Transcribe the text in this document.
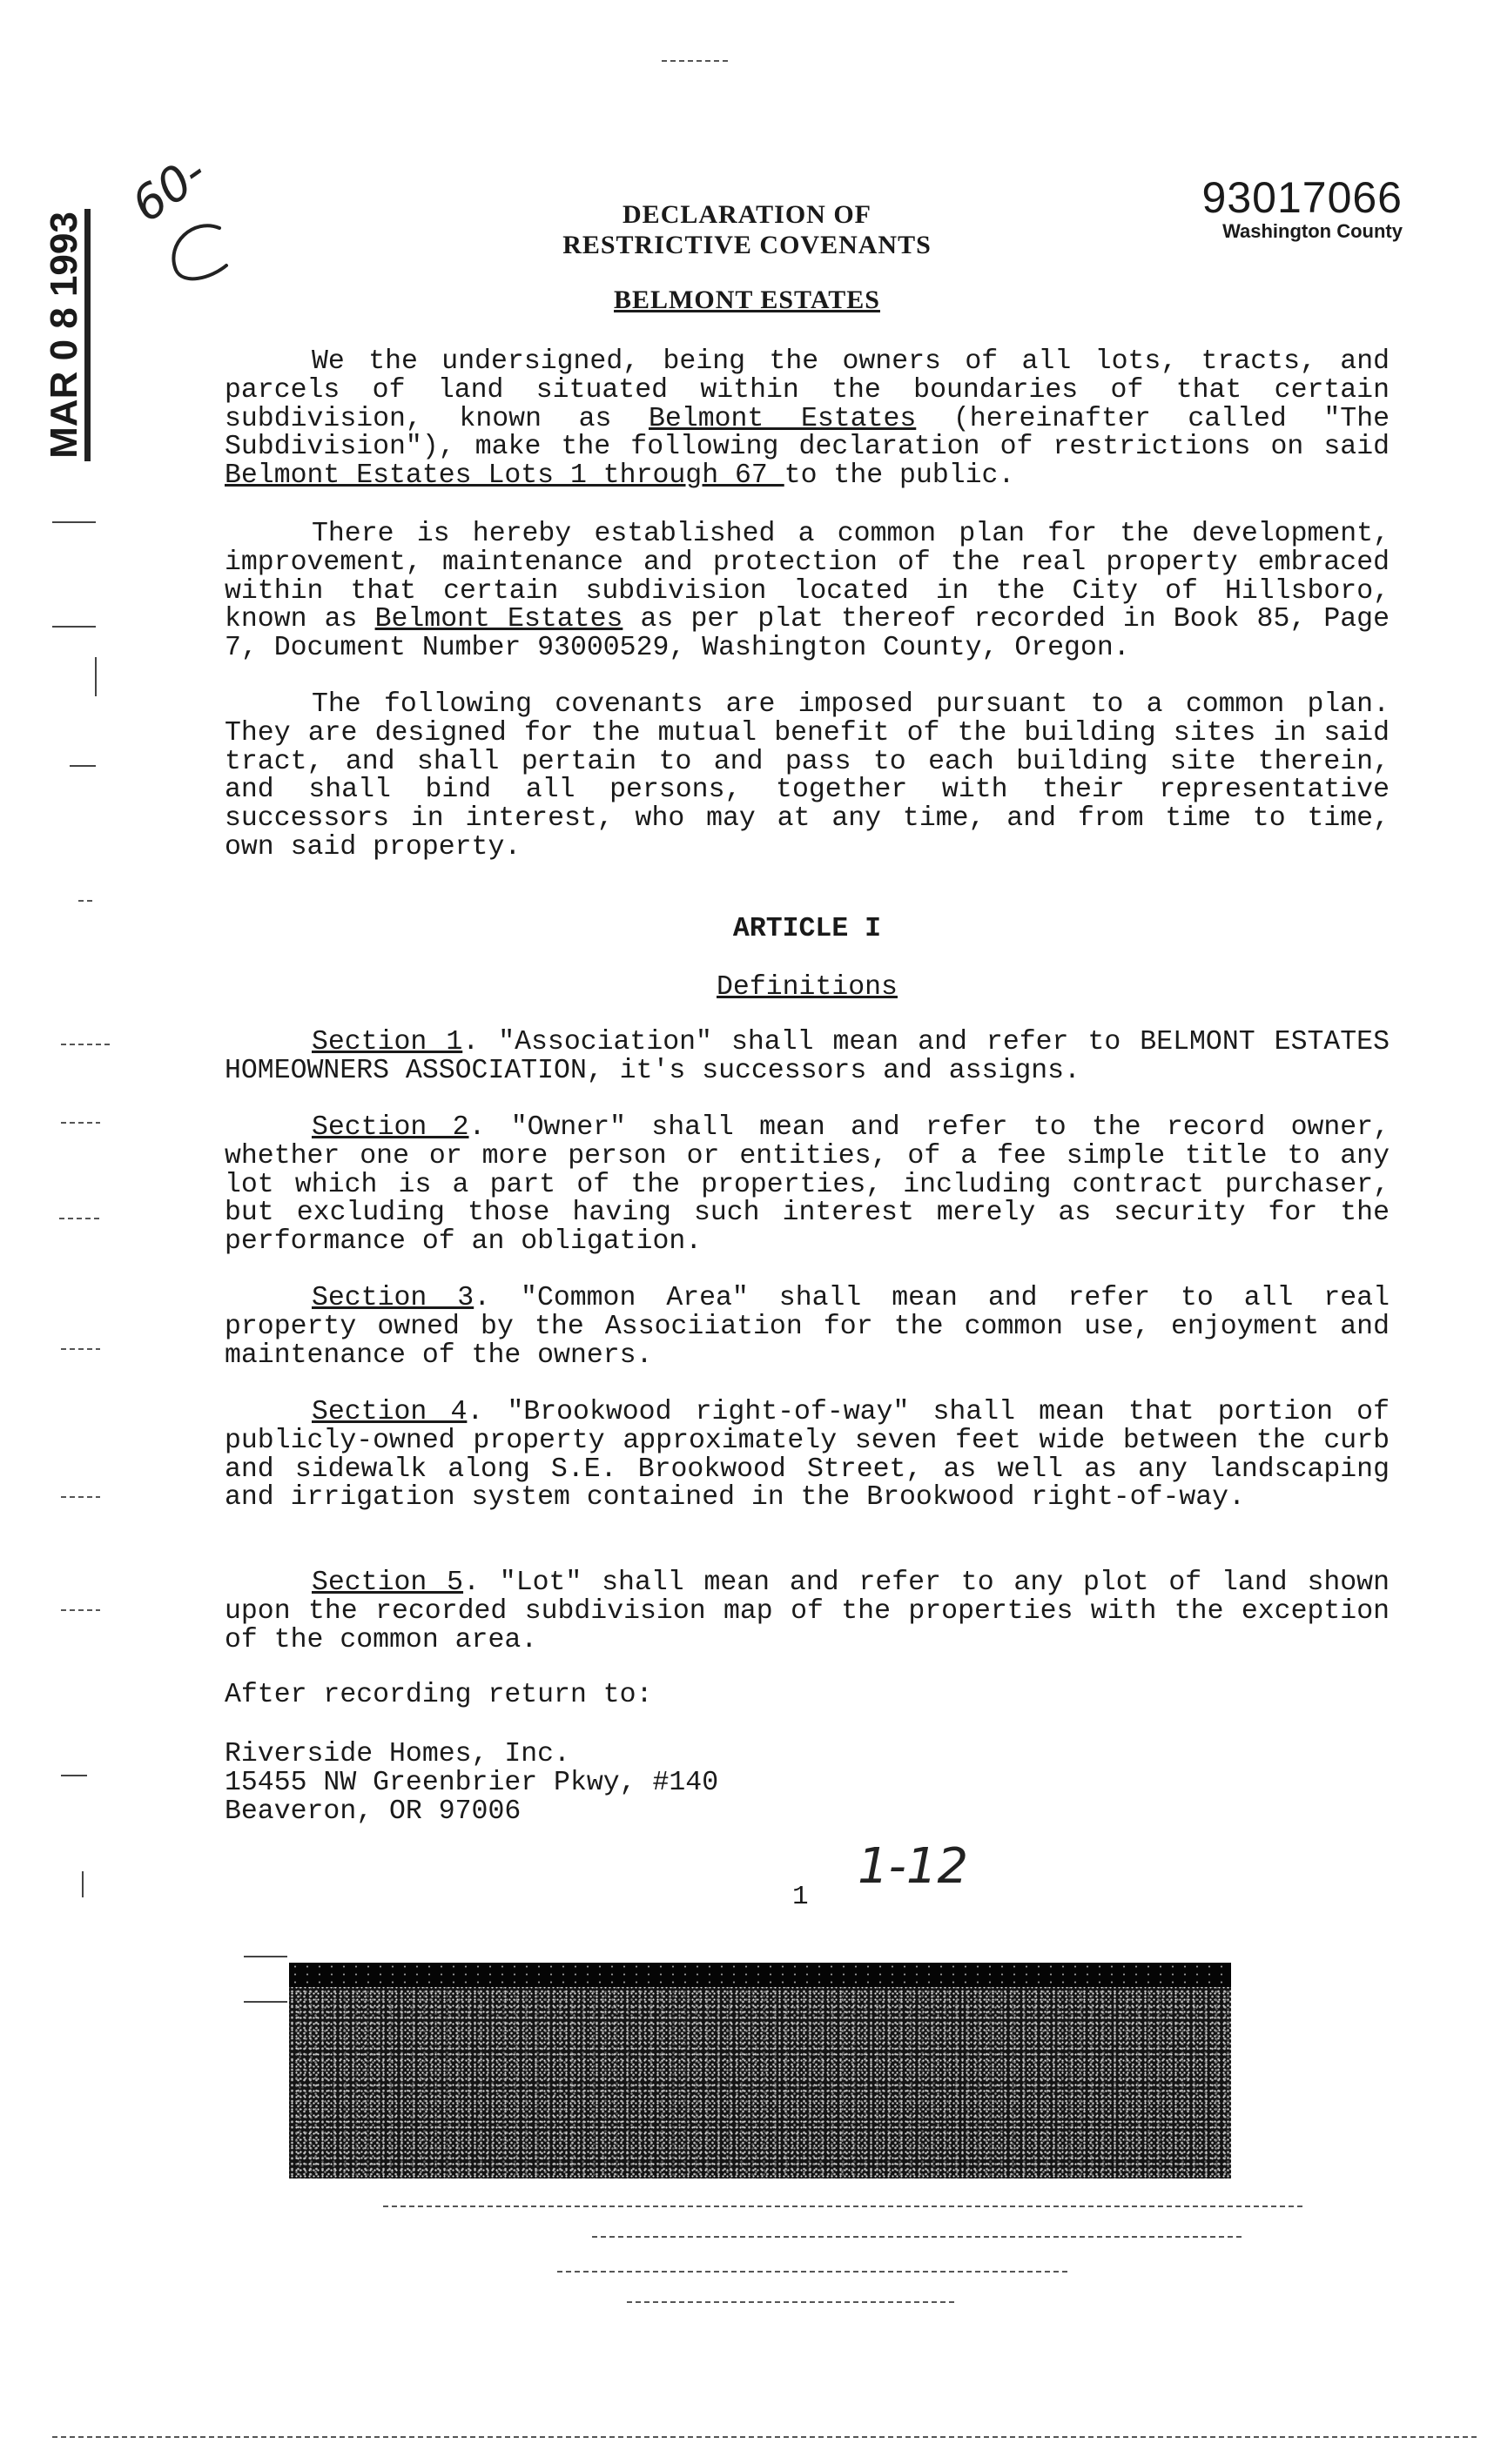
MAR 0 8 1993
60-	DECLARATION OF
RESTRICTIVE COVENANTS
BELMONT ESTATES
93017066
Washington County

We the undersigned, being the owners of all lots, tracts, and parcels of land situated within the boundaries of that certain subdivision, known as Belmont Estates (hereinafter called "The Subdivision"), make the following declaration of restrictions on said Belmont Estates Lots 1 through 67 to the public.

There is hereby established a common plan for the development, improvement, maintenance and protection of the real property embraced within that certain subdivision located in the City of Hillsboro, known as Belmont Estates as per plat thereof recorded in Book 85, Page 7, Document Number 93000529, Washington County, Oregon.

The following covenants are imposed pursuant to a common plan. They are designed for the mutual benefit of the building sites in said tract, and shall pertain to and pass to each building site therein, and shall bind all persons, together with their representative successors in interest, who may at any time, and from time to time, own said property.

ARTICLE I
Definitions

Section 1. "Association" shall mean and refer to BELMONT ESTATES HOMEOWNERS ASSOCIATION, it's successors and assigns.

Section 2. "Owner" shall mean and refer to the record owner, whether one or more person or entities, of a fee simple title to any lot which is a part of the properties, including contract purchaser, but excluding those having such interest merely as security for the performance of an obligation.

Section 3. "Common Area" shall mean and refer to all real property owned by the Associiation for the common use, enjoyment and maintenance of the owners.

Section 4. "Brookwood right-of-way" shall mean that portion of publicly-owned property approximately seven feet wide between the curb and sidewalk along S.E. Brookwood Street, as well as any landscaping and irrigation system contained in the Brookwood right-of-way.

Section 5. "Lot" shall mean and refer to any plot of land shown upon the recorded subdivision map of the properties with the exception of the common area.

After recording return to:
Riverside Homes, Inc.
15455 NW Greenbrier Pkwy, #140
Beaveron, OR 97006
1
1-12
